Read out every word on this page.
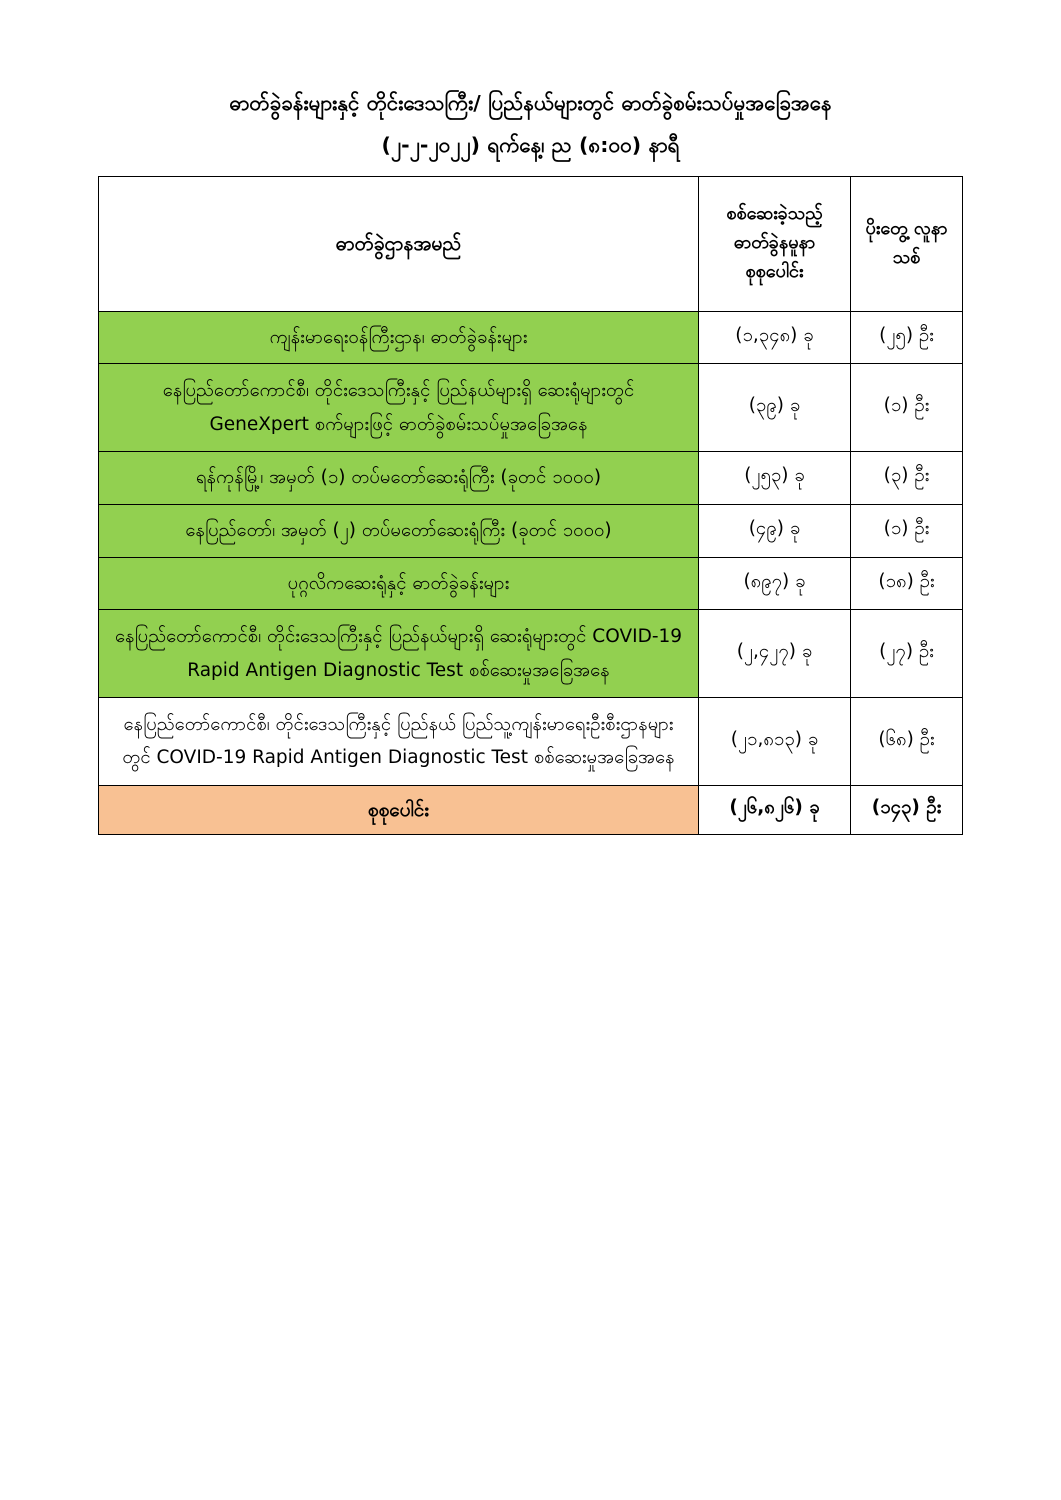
ဓာတ်ခွဲခန်းများနှင့် တိုင်းဒေသကြီး/ ပြည်နယ်များတွင် ဓာတ်ခွဲစမ်းသပ်မှုအခြေအနေ
(၂-၂-၂၀၂၂) ရက်နေ့၊ ည (၈:၀၀) နာရီ
ဓာတ်ခွဲဌာနအမည်	စစ်ဆေးခဲ့သည့် ဓာတ်ခွဲနမူနာ စုစုပေါင်း	ပိုးတွေ့ လူနာသစ်
ကျန်းမာရေးဝန်ကြီးဌာန၊ ဓာတ်ခွဲခန်းများ	(၁,၃၄၈) ခု	(၂၅) ဦး
နေပြည်တော်ကောင်စီ၊ တိုင်းဒေသကြီးနှင့် ပြည်နယ်များရှိ ဆေးရုံများတွင် GeneXpert စက်များဖြင့် ဓာတ်ခွဲစမ်းသပ်မှုအခြေအနေ	(၃၉) ခု	(၁) ဦး
ရန်ကုန်မြို့၊ အမှတ် (၁) တပ်မတော်ဆေးရုံကြီး (ခုတင် ၁၀၀၀)	(၂၅၃) ခု	(၃) ဦး
နေပြည်တော်၊ အမှတ် (၂) တပ်မတော်ဆေးရုံကြီး (ခုတင် ၁၀၀၀)	(၄၉) ခု	(၁) ဦး
ပုဂ္ဂလိကဆေးရုံနှင့် ဓာတ်ခွဲခန်းများ	(၈၉၇) ခု	(၁၈) ဦး
နေပြည်တော်ကောင်စီ၊ တိုင်းဒေသကြီးနှင့် ပြည်နယ်များရှိ ဆေးရုံများတွင် COVID-19 Rapid Antigen Diagnostic Test စစ်ဆေးမှုအခြေအနေ	(၂,၄၂၇) ခု	(၂၇) ဦး
နေပြည်တော်ကောင်စီ၊ တိုင်းဒေသကြီးနှင့် ပြည်နယ် ပြည်သူ့ကျန်းမာရေးဦးစီးဌာနများတွင် COVID-19 Rapid Antigen Diagnostic Test စစ်ဆေးမှုအခြေအနေ	(၂၁,၈၁၃) ခု	(၆၈) ဦး
စုစုပေါင်း	(၂၆,၈၂၆) ခု	(၁၄၃) ဦး
